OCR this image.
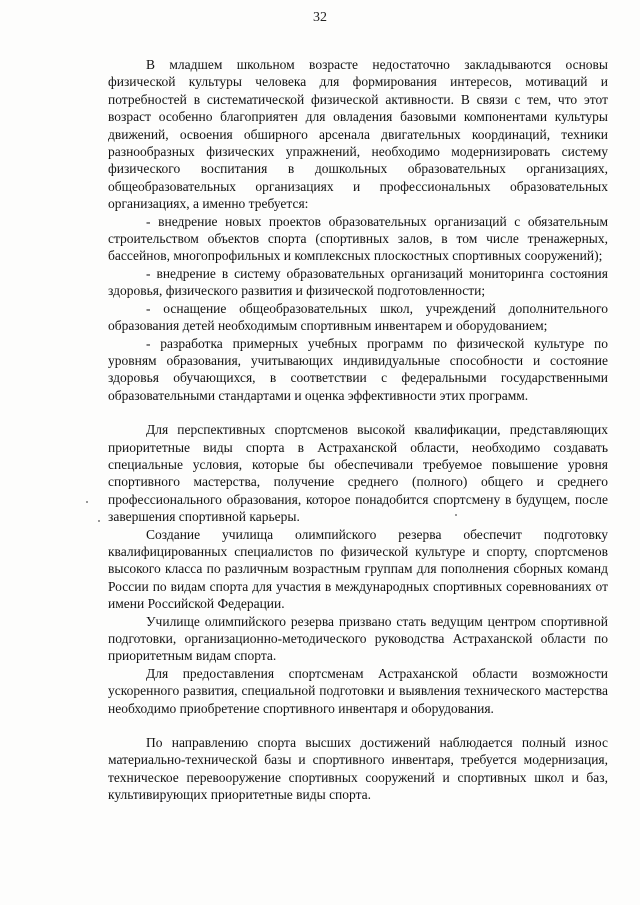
32

В младшем школьном возрасте недостаточно закладываются основы физической культуры человека для формирования интересов, мотиваций и потребностей в систематической физической активности. В связи с тем, что этот возраст особенно благоприятен для овладения базовыми компонентами культуры движений, освоения обширного арсенала двигательных координаций, техники разнообразных физических упражнений, необходимо модернизировать систему физического воспитания в дошкольных образовательных организациях, общеобразовательных организациях и профессиональных образовательных организациях, а именно требуется:

- внедрение новых проектов образовательных организаций с обязательным строительством объектов спорта (спортивных залов, в том числе тренажерных, бассейнов, многопрофильных и комплексных плоскостных спортивных сооружений);

- внедрение в систему образовательных организаций мониторинга состояния здоровья, физического развития и физической подготовленности;

- оснащение общеобразовательных школ, учреждений дополнительного образования детей необходимым спортивным инвентарем и оборудованием;

- разработка примерных учебных программ по физической культуре по уровням образования, учитывающих индивидуальные способности и состояние здоровья обучающихся, в соответствии с федеральными государственными образовательными стандартами и оценка эффективности этих программ.

Для перспективных спортсменов высокой квалификации, представляющих приоритетные виды спорта в Астраханской области, необходимо создавать специальные условия, которые бы обеспечивали требуемое повышение уровня спортивного мастерства, получение среднего (полного) общего и среднего профессионального образования, которое понадобится спортсмену в будущем, после завершения спортивной карьеры.

Создание училища олимпийского резерва обеспечит подготовку квалифицированных специалистов по физической культуре и спорту, спортсменов высокого класса по различным возрастным группам для пополнения сборных команд России по видам спорта для участия в международных спортивных соревнованиях от имени Российской Федерации.

Училище олимпийского резерва призвано стать ведущим центром спортивной подготовки, организационно-методического руководства Астраханской области по приоритетным видам спорта.

Для предоставления спортсменам Астраханской области возможности ускоренного развития, специальной подготовки и выявления технического мастерства необходимо приобретение спортивного инвентаря и оборудования.

По направлению спорта высших достижений наблюдается полный износ материально-технической базы и спортивного инвентаря, требуется модернизация, техническое перевооружение спортивных сооружений и спортивных школ и баз, культивирующих приоритетные виды спорта.
